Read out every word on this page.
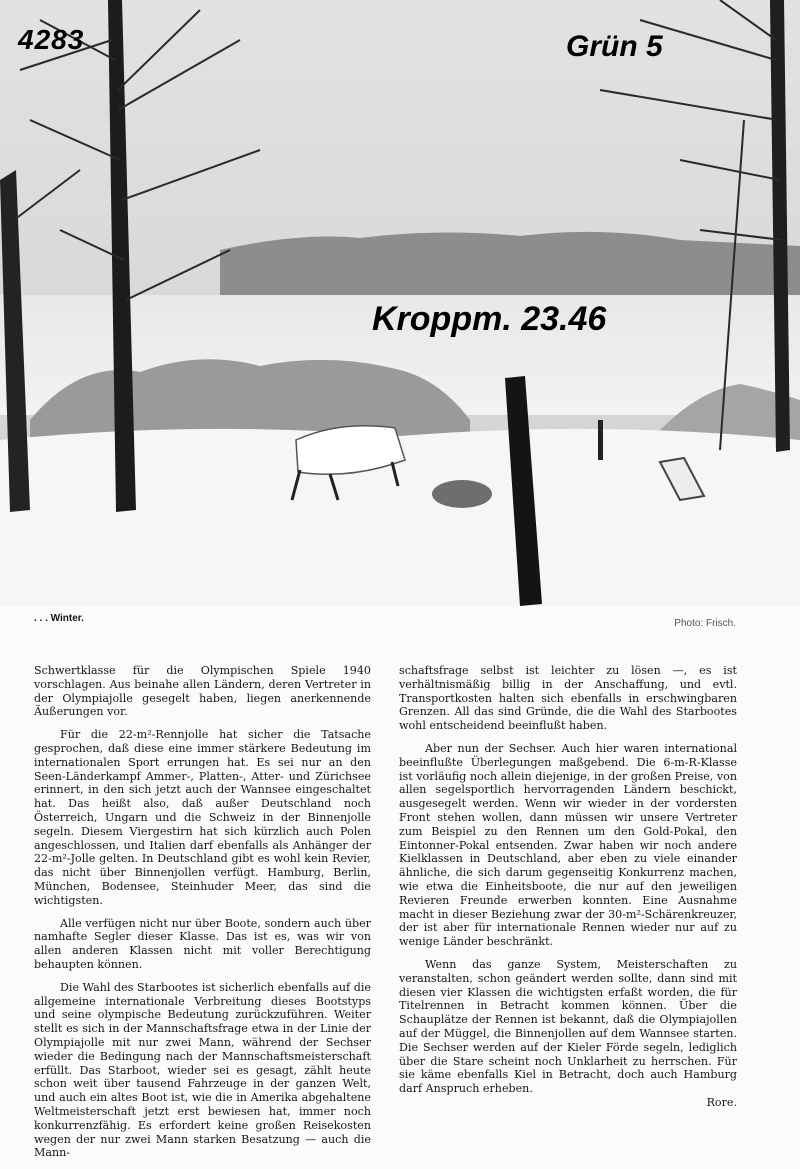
4283	Grün 5
Kroppm. 23.46
. . . Winter.	Photo: Frisch.

Schwertklasse für die Olympischen Spiele 1940 vorschlagen. Aus beinahe allen Ländern, deren Vertreter in der Olympiajolle gesegelt haben, liegen anerkennende Äußerungen vor.

Für die 22-m²-Rennjolle hat sicher die Tatsache gesprochen, daß diese eine immer stärkere Bedeutung im internationalen Sport errungen hat. Es sei nur an den Seen-Länderkampf Ammer-, Platten-, Atter- und Zürichsee erinnert, in den sich jetzt auch der Wannsee eingeschaltet hat. Das heißt also, daß außer Deutschland noch Österreich, Ungarn und die Schweiz in der Binnenjolle segeln. Diesem Viergestirn hat sich kürzlich auch Polen angeschlossen, und Italien darf ebenfalls als Anhänger der 22-m²-Jolle gelten. In Deutschland gibt es wohl kein Revier, das nicht über Binnenjollen verfügt. Hamburg, Berlin, München, Bodensee, Steinhuder Meer, das sind die wichtigsten.

Alle verfügen nicht nur über Boote, sondern auch über namhafte Segler dieser Klasse. Das ist es, was wir von allen anderen Klassen nicht mit voller Berechtigung behaupten können.

Die Wahl des Starbootes ist sicherlich ebenfalls auf die allgemeine internationale Verbreitung dieses Bootstyps und seine olympische Bedeutung zurückzuführen. Weiter stellt es sich in der Mannschaftsfrage etwa in der Linie der Olympiajolle mit nur zwei Mann, während der Sechser wieder die Bedingung nach der Mannschaftsmeisterschaft erfüllt. Das Starboot, wieder sei es gesagt, zählt heute schon weit über tausend Fahrzeuge in der ganzen Welt, und auch ein altes Boot ist, wie die in Amerika abgehaltene Weltmeisterschaft jetzt erst bewiesen hat, immer noch konkurrenzfähig. Es erfordert keine großen Reisekosten wegen der nur zwei Mann starken Besatzung — auch die Mann-

schaftsfrage selbst ist leichter zu lösen —, es ist verhältnismäßig billig in der Anschaffung, und evtl. Transportkosten halten sich ebenfalls in erschwingbaren Grenzen. All das sind Gründe, die die Wahl des Starbootes wohl entscheidend beeinflußt haben.

Aber nun der Sechser. Auch hier waren international beeinflußte Überlegungen maßgebend. Die 6-m-R-Klasse ist vorläufig noch allein diejenige, in der großen Preise, von allen segelsportlich hervorragenden Ländern beschickt, ausgesegelt werden. Wenn wir wieder in der vordersten Front stehen wollen, dann müssen wir unsere Vertreter zum Beispiel zu den Rennen um den Gold-Pokal, den Eintonner-Pokal entsenden. Zwar haben wir noch andere Kielklassen in Deutschland, aber eben zu viele einander ähnliche, die sich darum gegenseitig Konkurrenz machen, wie etwa die Einheitsboote, die nur auf den jeweiligen Revieren Freunde erwerben konnten. Eine Ausnahme macht in dieser Beziehung zwar der 30-m²-Schärenkreuzer, der ist aber für internationale Rennen wieder nur auf zu wenige Länder beschränkt.

Wenn das ganze System, Meisterschaften zu veranstalten, schon geändert werden sollte, dann sind mit diesen vier Klassen die wichtigsten erfaßt worden, die für Titelrennen in Betracht kommen können. Über die Schauplätze der Rennen ist bekannt, daß die Olympiajollen auf der Müggel, die Binnenjollen auf dem Wannsee starten. Die Sechser werden auf der Kieler Förde segeln, lediglich über die Stare scheint noch Unklarheit zu herrschen. Für sie käme ebenfalls Kiel in Betracht, doch auch Hamburg darf Anspruch erheben.

Rore.
